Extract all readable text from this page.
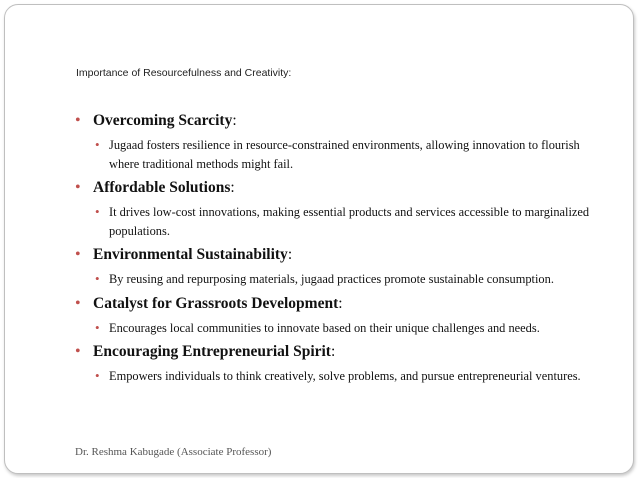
Importance of Resourcefulness and Creativity:
• Overcoming Scarcity:
• Jugaad fosters resilience in resource-constrained environments, allowing innovation to flourish where traditional methods might fail.
• Affordable Solutions:
• It drives low-cost innovations, making essential products and services accessible to marginalized populations.
• Environmental Sustainability:
• By reusing and repurposing materials, jugaad practices promote sustainable consumption.
• Catalyst for Grassroots Development:
• Encourages local communities to innovate based on their unique challenges and needs.
• Encouraging Entrepreneurial Spirit:
• Empowers individuals to think creatively, solve problems, and pursue entrepreneurial ventures.
Dr. Reshma Kabugade (Associate Professor)
